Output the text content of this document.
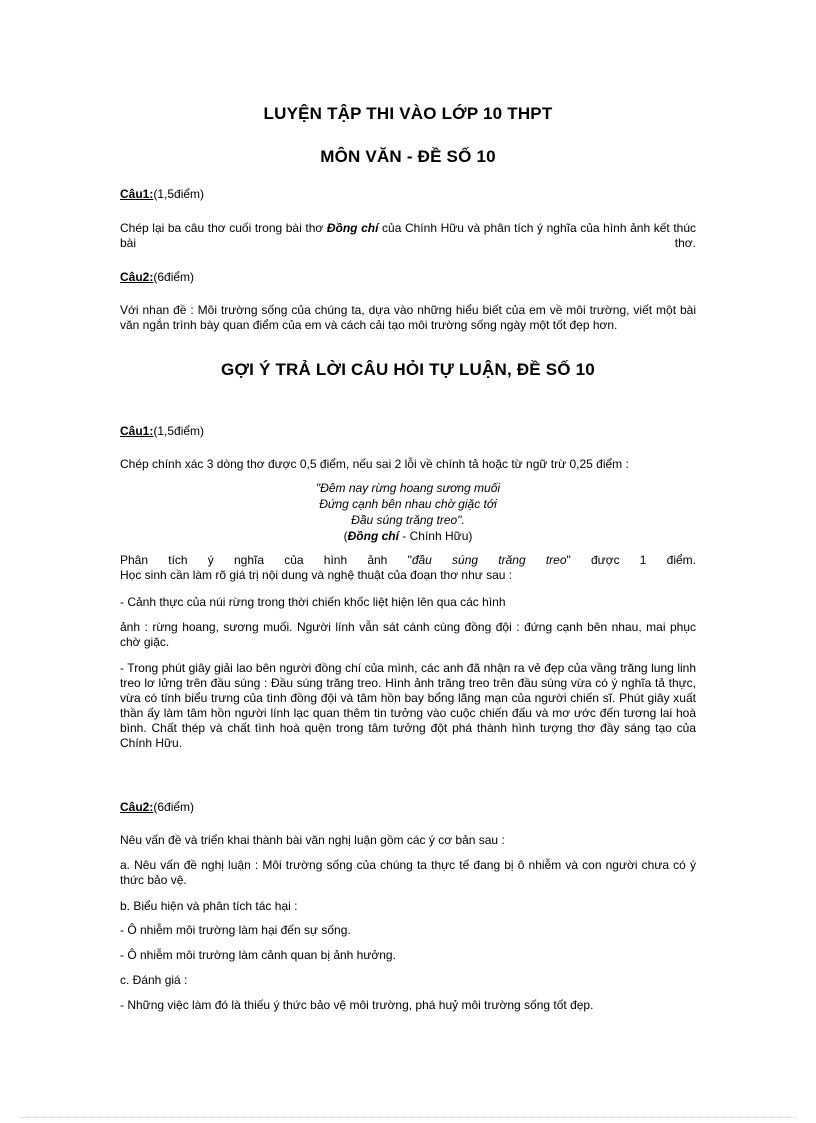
LUYỆN TẬP THI VÀO LỚP 10 THPT
MÔN VĂN - ĐỀ SỐ 10
Câu1:(1,5điểm)
Chép lại ba câu thơ cuối trong bài thơ Đồng chí của Chính Hữu và phân tích ý nghĩa của hình ảnh kết thúc bài thơ.
Câu2:(6điểm)
Với nhan đề : Môi trường sống của chúng ta, dựa vào những hiểu biết của em về môi trường, viết một bài văn ngắn trình bày quan điểm của em và cách cải tạo môi trường sống ngày một tốt đẹp hơn.
GỢI Ý TRẢ LỜI CÂU HỎI TỰ LUẬN, ĐỀ SỐ 10
Câu1:(1,5điểm)
Chép chính xác 3 dòng thơ được 0,5 điểm, nếu sai 2 lỗi về chính tả hoặc từ ngữ trừ 0,25 điểm :
"Đêm nay rừng hoang sương muối
Đứng cạnh bên nhau chờ giặc tới
Đầu súng trăng treo".
(Đồng chí - Chính Hữu)
Phân tích ý nghĩa của hình ảnh "đầu súng trăng treo" được 1 điểm.
Học sinh cần làm rõ giá trị nội dung và nghệ thuật của đoạn thơ như sau :
- Cảnh thực của núi rừng trong thời chiến khốc liệt hiện lên qua các hình
ảnh : rừng hoang, sương muối. Người lính vẫn sát cánh cùng đồng đội : đứng cạnh bên nhau, mai phục chờ giặc.
- Trong phút giây giải lao bên người đồng chí của mình, các anh đã nhận ra vẻ đẹp của vầng trăng lung linh treo lơ lửng trên đầu súng : Đầu súng trăng treo. Hình ảnh trăng treo trên đầu súng vừa có ý nghĩa tả thực, vừa có tính biểu trưng của tình đồng đội và tâm hồn bay bổng lãng mạn của người chiến sĩ. Phút giây xuất thần ấy làm tâm hồn người lính lạc quan thêm tin tưởng vào cuộc chiến đấu và mơ ước đến tương lai hoà bình. Chất thép và chất tình hoà quện trong tâm tưởng đột phá thành hình tượng thơ đầy sáng tạo của Chính Hữu.
Câu2:(6điểm)
Nêu vấn đề và triển khai thành bài văn nghị luận gồm các ý cơ bản sau :
a. Nêu vấn đề nghị luận : Môi trường sống của chúng ta thực tế đang bị ô nhiễm và con người chưa có ý thức bảo vệ.
b. Biểu hiện và phân tích tác hại :
- Ô nhiễm môi trường làm hại đến sự sống.
- Ô nhiễm môi trường làm cảnh quan bị ảnh hưởng.
c. Đánh giá :
- Những việc làm đó là thiếu ý thức bảo vệ môi trường, phá huỷ môi trường sống tốt đẹp.
